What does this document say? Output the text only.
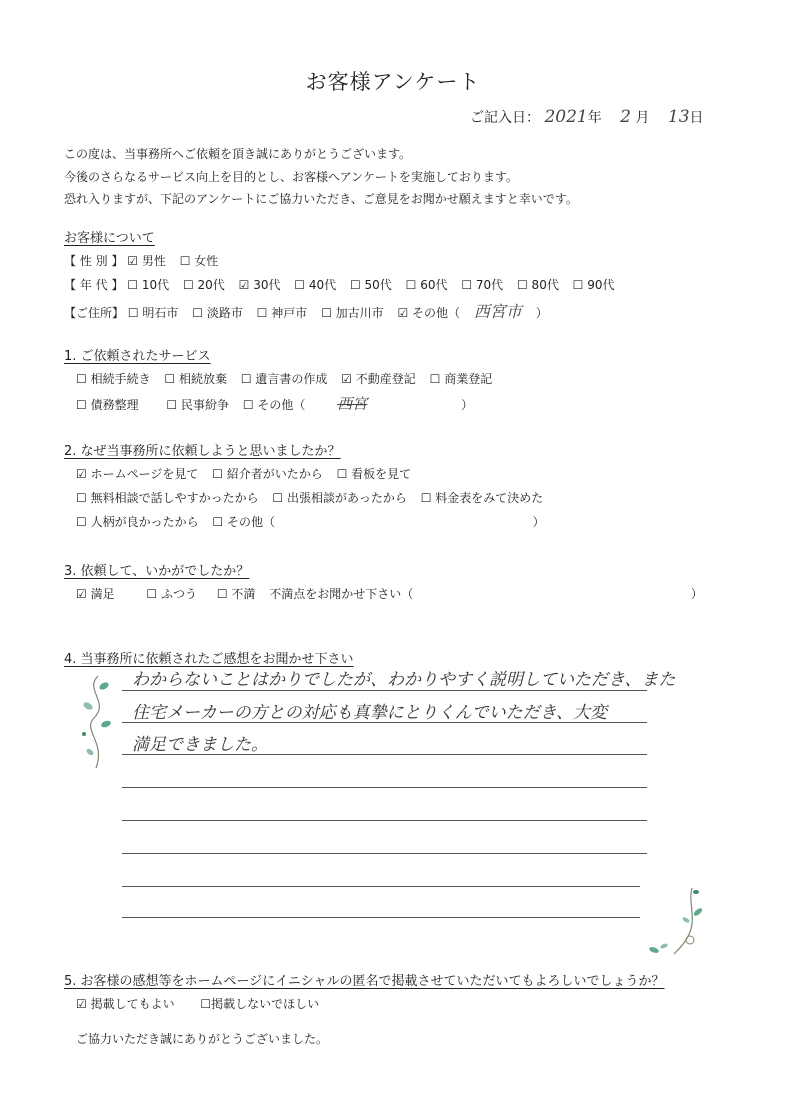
お客様アンケート
ご記入日： 2021年 2 月 13日
この度は、当事務所へご依頼を頂き誠にありがとうございます。
今後のさらなるサービス向上を目的とし、お客様へアンケートを実施しております。
恐れ入りますが、下記のアンケートにご協力いただき、ご意見をお聞かせ願えますと幸いです。
お客様について
【 性 別 】 ☑ 男性 ☐ 女性
【 年 代 】 ☐ 10代 ☐ 20代 ☑ 30代 ☐ 40代 ☐ 50代 ☐ 60代 ☐ 70代 ☐ 80代 ☐ 90代
【ご住所】 ☐ 明石市 ☐ 淡路市 ☐ 神戸市 ☐ 加古川市 ☑ その他（ 西宮市 ）
1. ご依頼されたサービス
☐ 相続手続き ☐ 相続放棄 ☐ 遺言書の作成 ☑ 不動産登記 ☐ 商業登記
☐ 債務整理 ☐ 民事紛争 ☐ その他（ 西宮	）
2. なぜ当事務所に依頼しようと思いましたか？
☑ ホームページを見て ☐ 紹介者がいたから ☐ 看板を見て
☐ 無料相談で話しやすかったから ☐ 出張相談があったから ☐ 料金表をみて決めた
☐ 人柄が良かったから ☐ その他（	）
3. 依頼して、いかがでしたか？
☑ 満足	☐ ふつう ☐ 不満 不満点をお聞かせ下さい（	）
4. 当事務所に依頼されたご感想をお聞かせ下さい
わからないことはかりでしたが、わかりやすく説明していただき、また
住宅メーカーの方との対応も真摯にとりくんでいただき、大変
満足できました。
5. お客様の感想等をホームページにイニシャルの匿名で掲載させていただいてもよろしいでしょうか？
☑ 掲載してもよい ☐掲載しないでほしい
ご協力いただき誠にありがとうございました。
